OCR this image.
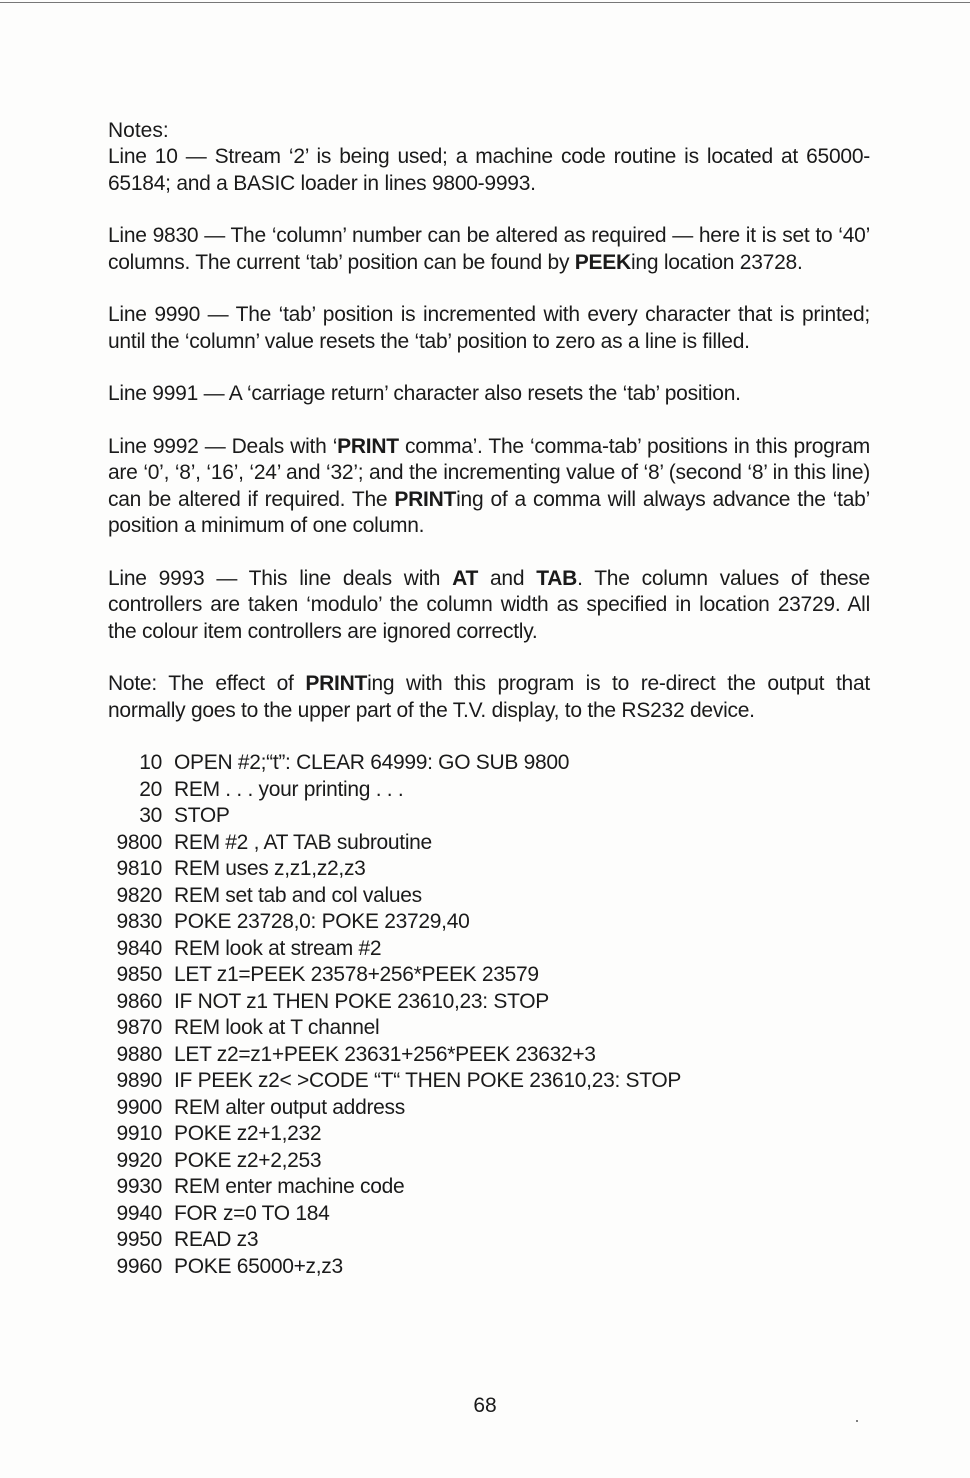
Notes:

Line 10 — Stream ‘2’ is being used; a machine code routine is located at 65000-65184; and a BASIC loader in lines 9800-9993.

Line 9830 — The ‘column’ number can be altered as required — here it is set to ‘40’ columns. The current ‘tab’ position can be found by PEEKing location 23728.

Line 9990 — The ‘tab’ position is incremented with every character that is printed; until the ‘column’ value resets the ‘tab’ position to zero as a line is filled.

Line 9991 — A ‘carriage return’ character also resets the ‘tab’ position.

Line 9992 — Deals with ‘PRINT comma’. The ‘comma-tab’ positions in this program are ‘0’, ‘8’, ‘16’, ‘24’ and ‘32’; and the incrementing value of ‘8’ (second ‘8’ in this line) can be altered if required. The PRINTing of a comma will always advance the ‘tab’ position a minimum of one column.

Line 9993 — This line deals with AT and TAB. The column values of these controllers are taken ‘modulo’ the column width as specified in location 23729. All the colour item controllers are ignored correctly.

Note: The effect of PRINTing with this program is to re-direct the output that normally goes to the upper part of the T.V. display, to the RS232 device.

10 OPEN #2;“t”: CLEAR 64999: GO SUB 9800
20 REM . . . your printing . . .
30 STOP
9800 REM #2 , AT TAB subroutine
9810 REM uses z,z1,z2,z3
9820 REM set tab and col values
9830 POKE 23728,0: POKE 23729,40
9840 REM look at stream #2
9850 LET z1=PEEK 23578+256*PEEK 23579
9860 IF NOT z1 THEN POKE 23610,23: STOP
9870 REM look at T channel
9880 LET z2=z1+PEEK 23631+256*PEEK 23632+3
9890 IF PEEK z2< >CODE “T“ THEN POKE 23610,23: STOP
9900 REM alter output address
9910 POKE z2+1,232
9920 POKE z2+2,253
9930 REM enter machine code
9940 FOR z=0 TO 184
9950 READ z3
9960 POKE 65000+z,z3
68
